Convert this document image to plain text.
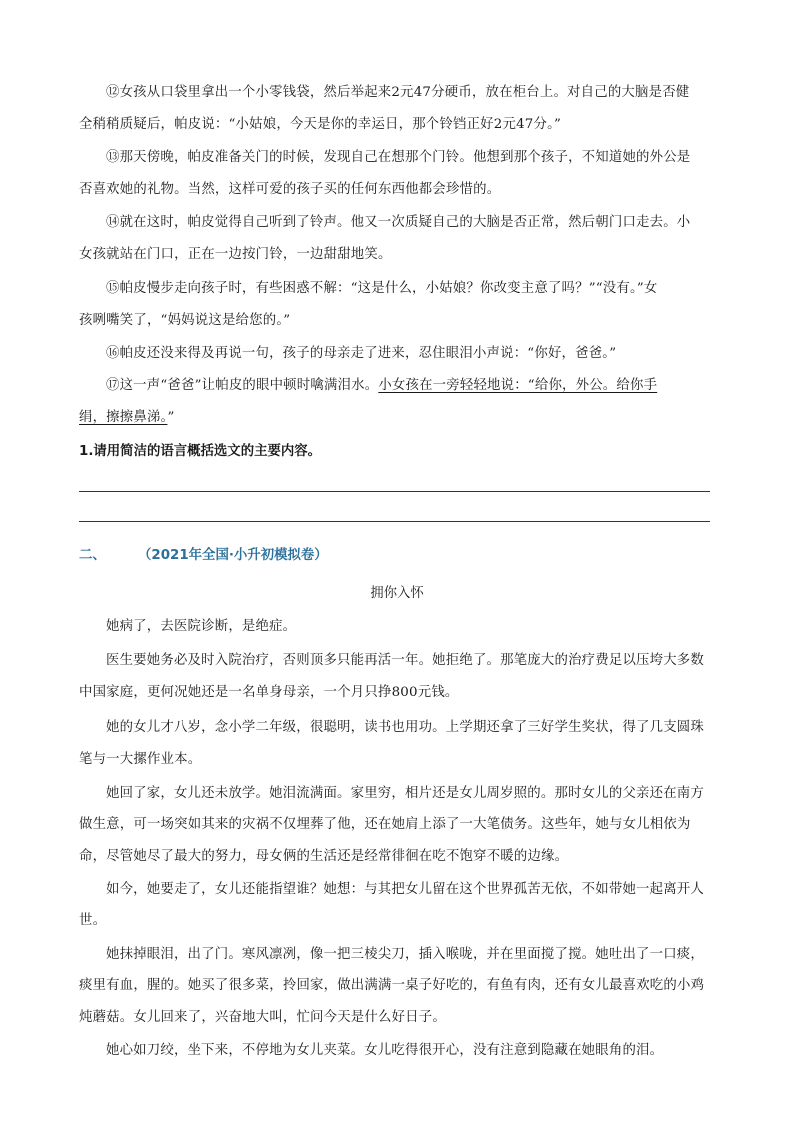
⑫女孩从口袋里拿出一个小零钱袋，然后举起来2元47分硬币，放在柜台上。对自己的大脑是否健
全稍稍质疑后，帕皮说：“小姑娘，今天是你的幸运日，那个铃铛正好2元47分。”
⑬那天傍晚，帕皮准备关门的时候，发现自己在想那个门铃。他想到那个孩子，不知道她的外公是
否喜欢她的礼物。当然，这样可爱的孩子买的任何东西他都会珍惜的。
⑭就在这时，帕皮觉得自己听到了铃声。他又一次质疑自己的大脑是否正常，然后朝门口走去。小
女孩就站在门口，正在一边按门铃，一边甜甜地笑。
⑮帕皮慢步走向孩子时，有些困惑不解：“这是什么，小姑娘？你改变主意了吗？”“没有。”女
孩咧嘴笑了，“妈妈说这是给您的。”
⑯帕皮还没来得及再说一句，孩子的母亲走了进来，忍住眼泪小声说：“你好，爸爸。”
⑰这一声“爸爸”让帕皮的眼中顿时噙满泪水。小女孩在一旁轻轻地说：“给你，外公。给你手
绢，擦擦鼻涕。”
1.请用简洁的语言概括选文的主要内容。
二、 （2021年全国·小升初模拟卷）
拥你入怀
她病了，去医院诊断，是绝症。
医生要她务必及时入院治疗，否则顶多只能再活一年。她拒绝了。那笔庞大的治疗费足以压垮大多数
中国家庭，更何况她还是一名单身母亲，一个月只挣800元钱。
她的女儿才八岁，念小学二年级，很聪明，读书也用功。上学期还拿了三好学生奖状，得了几支圆珠
笔与一大摞作业本。
她回了家，女儿还未放学。她泪流满面。家里穷，相片还是女儿周岁照的。那时女儿的父亲还在南方
做生意，可一场突如其来的灾祸不仅埋葬了他，还在她肩上添了一大笔债务。这些年，她与女儿相依为
命，尽管她尽了最大的努力，母女俩的生活还是经常徘徊在吃不饱穿不暖的边缘。
如今，她要走了，女儿还能指望谁？她想：与其把女儿留在这个世界孤苦无依，不如带她一起离开人
世。
她抹掉眼泪，出了门。寒风凛冽，像一把三棱尖刀，插入喉咙，并在里面搅了搅。她吐出了一口痰，
痰里有血，腥的。她买了很多菜，拎回家，做出满满一桌子好吃的，有鱼有肉，还有女儿最喜欢吃的小鸡
炖蘑菇。女儿回来了，兴奋地大叫，忙问今天是什么好日子。
她心如刀绞，坐下来，不停地为女儿夹菜。女儿吃得很开心，没有注意到隐藏在她眼角的泪。
